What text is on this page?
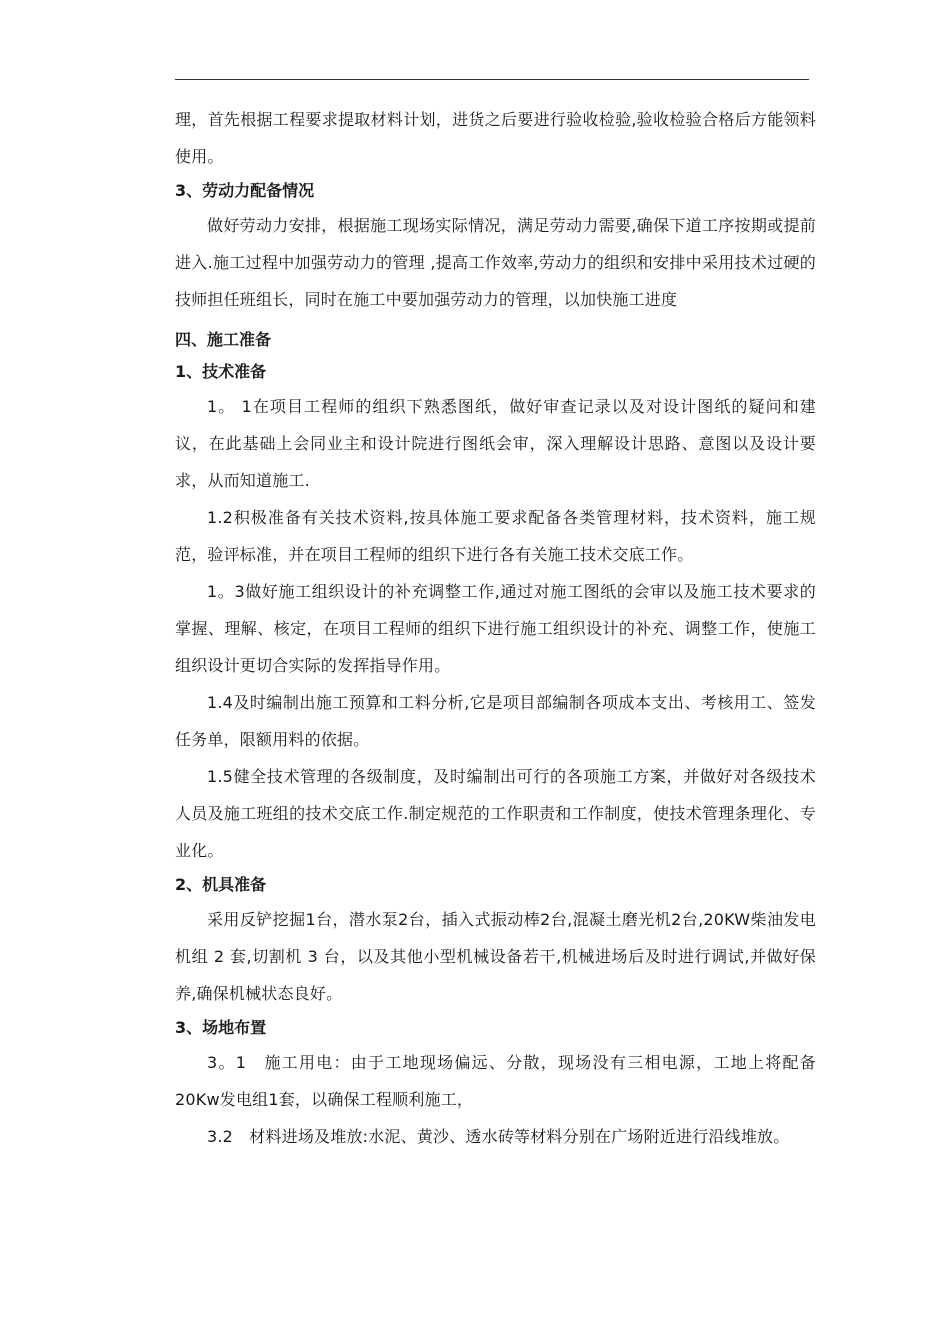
理，首先根据工程要求提取材料计划，进货之后要进行验收检验,验收检验合格后方能领料使用。

3、劳动力配备情况

做好劳动力安排，根据施工现场实际情况，满足劳动力需要,确保下道工序按期或提前进入.施工过程中加强劳动力的管理 ,提高工作效率,劳动力的组织和安排中采用技术过硬的技师担任班组长，同时在施工中要加强劳动力的管理，以加快施工进度

四、施工准备
1、技术准备

1。 1在项目工程师的组织下熟悉图纸，做好审查记录以及对设计图纸的疑问和建议，在此基础上会同业主和设计院进行图纸会审，深入理解设计思路、意图以及设计要求，从而知道施工.

1.2积极准备有关技术资料,按具体施工要求配备各类管理材料，技术资料，施工规范，验评标准，并在项目工程师的组织下进行各有关施工技术交底工作。

1。3做好施工组织设计的补充调整工作,通过对施工图纸的会审以及施工技术要求的掌握、理解、核定，在项目工程师的组织下进行施工组织设计的补充、调整工作，使施工组织设计更切合实际的发挥指导作用。

1.4及时编制出施工预算和工料分析,它是项目部编制各项成本支出、考核用工、签发任务单，限额用料的依据。

1.5健全技术管理的各级制度，及时编制出可行的各项施工方案，并做好对各级技术人员及施工班组的技术交底工作.制定规范的工作职责和工作制度，使技术管理条理化、专业化。

2、机具准备

采用反铲挖掘1台，潜水泵2台，插入式振动棒2台,混凝土磨光机2台,20KW柴油发电机组 2 套,切割机 3 台，以及其他小型机械设备若干,机械进场后及时进行调试,并做好保养,确保机械状态良好。

3、场地布置

3。1　施工用电：由于工地现场偏远、分散，现场没有三相电源，工地上将配备20Kw发电组1套，以确保工程顺利施工，

3.2　材料进场及堆放:水泥、黄沙、透水砖等材料分别在广场附近进行沿线堆放。
